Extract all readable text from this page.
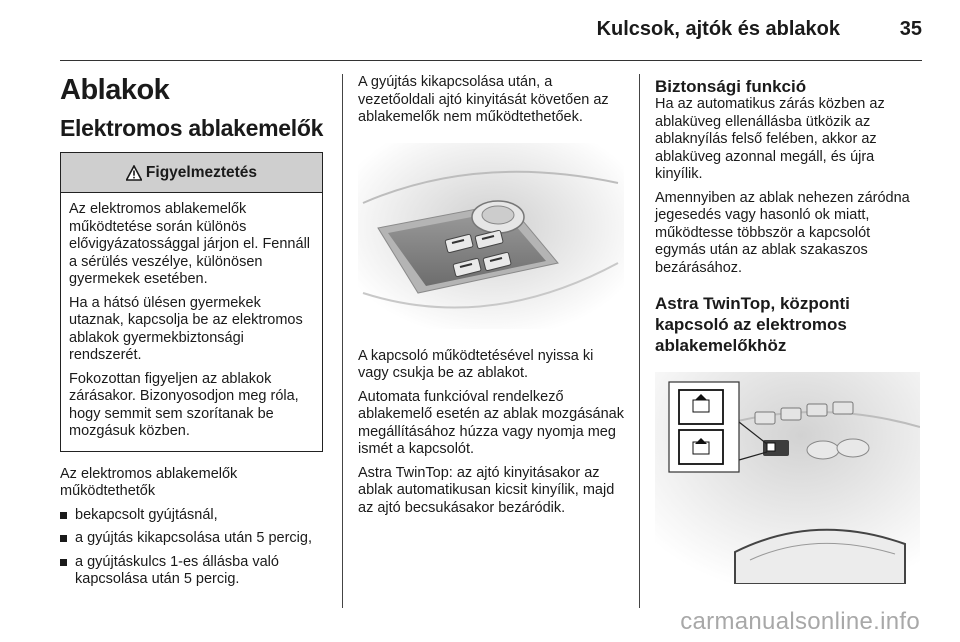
Kulcsok, ajtók és ablakok	35
Ablakok
Elektromos ablakemelők
Figyelmeztetés

Az elektromos ablakemelők működtetése során különös elővigyázatossággal járjon el. Fennáll a sérülés veszélye, különösen gyermekek esetében.

Ha a hátsó ülésen gyermekek utaznak, kapcsolja be az elektromos ablakok gyermekbiztonsági rendszerét.

Fokozottan figyeljen az ablakok zárásakor. Bizonyosodjon meg róla, hogy semmit sem szorítanak be mozgásuk közben.

Az elektromos ablakemelők működtethetők

bekapcsolt gyújtásnál,
a gyújtás kikapcsolása után 5 percig,
a gyújtáskulcs 1-es állásba való kapcsolása után 5 percig.

A gyújtás kikapcsolása után, a vezetőoldali ajtó kinyitását követően az ablakemelők nem működtethetőek.

A kapcsoló működtetésével nyissa ki vagy csukja be az ablakot.

Automata funkcióval rendelkező ablakemelő esetén az ablak mozgásának megállításához húzza vagy nyomja meg ismét a kapcsolót.

Astra TwinTop: az ajtó kinyitásakor az ablak automatikusan kicsit kinyílik, majd az ajtó becsukásakor bezáródik.

Biztonsági funkció

Ha az automatikus zárás közben az ablaküveg ellenállásba ütközik az ablaknyílás felső felében, akkor az ablaküveg azonnal megáll, és újra kinyílik.

Amennyiben az ablak nehezen záródna jegesedés vagy hasonló ok miatt, működtesse többször a kapcsolót egymás után az ablak szakaszos bezárásához.

Astra TwinTop, központi kapcsoló az elektromos ablakemelőkhöz
carmanualsonline.info
